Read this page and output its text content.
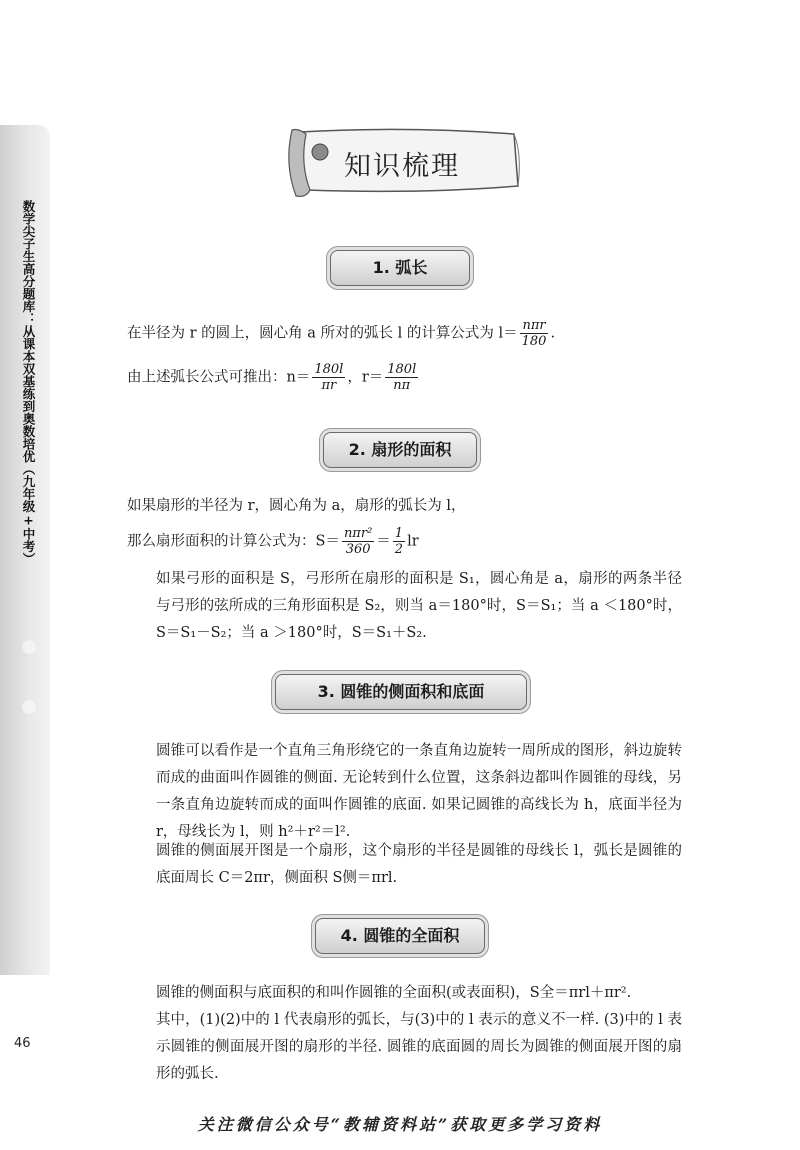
数学尖子生高分题库：从课本双基练到奥数培优（九年级+中考）
46
知识梳理
1. 弧长
在半径为 r 的圆上，圆心角 a 所对的弧长 l 的计算公式为 $l= \frac{\text{nπr}}{180}$ .
由上述弧长公式可推出：$n= \frac{180l}{\pi r}$ ，$r= \frac{180l}{n\pi}$
2. 扇形的面积
如果扇形的半径为 r，圆心角为 a，扇形的弧长为 l，
那么扇形面积的计算公式为：$S= \frac{\text{nπr²}}{360} = \frac{1}{2}$ lr
如果弓形的面积是 S，弓形所在扇形的面积是 S₁，圆心角是 a，扇形的两条半径与弓形的弦所成的三角形面积是 S₂，则当 a＝180°时，S＝S₁；当 a ＜180°时，S＝S₁－S₂；当 a ＞180°时，S＝S₁＋S₂.
3. 圆锥的侧面积和底面
圆锥可以看作是一个直角三角形绕它的一条直角边旋转一周所成的图形，斜边旋转而成的曲面叫作圆锥的侧面. 无论转到什么位置，这条斜边都叫作圆锥的母线，另一条直角边旋转而成的面叫作圆锥的底面. 如果记圆锥的高线长为 h，底面半径为 r，母线长为 l，则 h²＋r²＝l².
圆锥的侧面展开图是一个扇形，这个扇形的半径是圆锥的母线长 l，弧长是圆锥的底面周长 C＝2πr，侧面积 S侧＝πrl.
4. 圆锥的全面积
圆锥的侧面积与底面积的和叫作圆锥的全面积(或表面积)，S全＝πrl＋πr².
其中，(1)(2)中的 l 代表扇形的弧长，与(3)中的 l 表示的意义不一样. (3)中的 l 表示圆锥的侧面展开图的扇形的半径. 圆锥的底面圆的周长为圆锥的侧面展开图的扇形的弧长.
关注微信公众号“教辅资料站”获取更多学习资料
